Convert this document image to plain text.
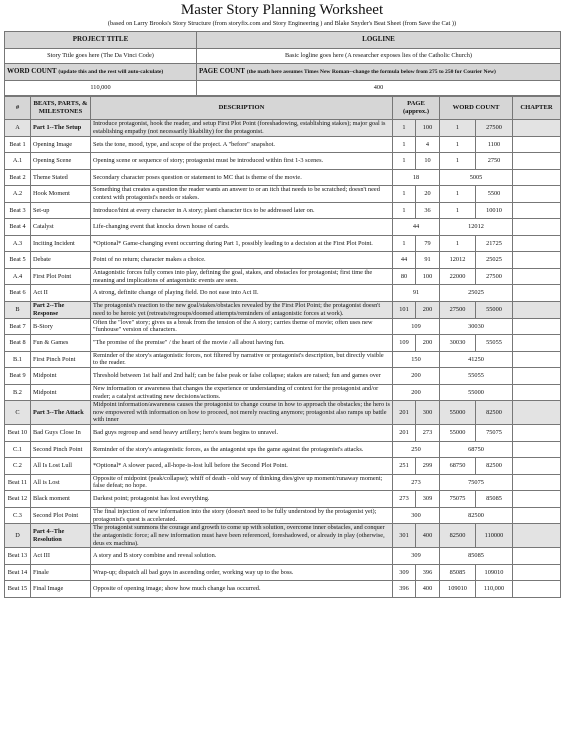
Master Story Planning Worksheet
(based on Larry Brooks's Story Structure (from storyfix.com and Story Engineering ) and Blake Snyder's Beat Sheet (from Save the Cat ))
PROJECT TITLE	LOGLINE
Story Title goes here (The Da Vinci Code)	Basic logline goes here (A researcher exposes lies of the Catholic Church)
WORD COUNT (update this and the rest will auto-calculate)	PAGE COUNT (the math here assumes Times New Roman--change the formula below from 275 to 250 for Courier New)
110,000	400
#	BEATS, PARTS, & MILESTONES	DESCRIPTION	PAGE (approx.)		WORD COUNT		CHAPTER
A	Part 1--The Setup	Introduce protagonist, hook the reader, and setup First Plot Point (foreshadowing, establishing stakes); major goal is establishing empathy (not necessarily likability) for the protagonist.	1	100	1	27500	
Beat 1	Opening Image	Sets the tone, mood, type, and scope of the project. A "before" snapshot.	1	4	1	1100	
A.1	Opening Scene	Opening scene or sequence of story; protagonist must be introduced within first 1-3 scenes.	1	10	1	2750	
Beat 2	Theme Stated	Secondary character poses question or statement to MC that is theme of the movie.	18		5005		
A.2	Hook Moment	Something that creates a question the reader wants an answer to or an itch that needs to be scratched; doesn't need context with protagonist's needs or stakes.	1	20	1	5500	
Beat 3	Set-up	Introduce/hint at every character in A story; plant character tics to be addressed later on.	1	36	1	10010	
Beat 4	Catalyst	Life-changing event that knocks down house of cards.	44		12012		
A.3	Inciting Incident	*Optional* Game-changing event occurring during Part 1, possibly leading to a decision at the First Plot Point.	1	79	1	21725	
Beat 5	Debate	Point of no return; character makes a choice.	44	91	12012	25025	
A.4	First Plot Point	Antagonistic forces fully comes into play, defining the goal, stakes, and obstacles for protagonist; first time the meaning and implications of antagonistic events are seen.	80	100	22000	27500	
Beat 6	Act II	A strong, definite change of playing field. Do not ease into Act II.	91		25025		
B	Part 2--The Response	The protagonist's reaction to the new goal/stakes/obstacles revealed by the First Plot Point; the protagonist doesn't need to be heroic yet (retreats/regroups/doomed attempts/reminders of antagonistic forces at work).	101	200	27500	55000	
Beat 7	B-Story	Often the "love" story; gives us a break from the tension of the A story; carries theme of movie; often uses new "funhouse" version of characters.	109		30030		
Beat 8	Fun & Games	"The promise of the premise" / the heart of the movie / all about having fun.	109	200	30030	55055	
B.1	First Pinch Point	Reminder of the story's antagonistic forces, not filtered by narrative or protagonist's description, but directly visible to the reader.	150		41250		
Beat 9	Midpoint	Threshold between 1st half and 2nd half; can be false peak or false collapse; stakes are raised; fun and games over	200		55055		
B.2	Midpoint	New information or awareness that changes the experience or understanding of context for the protagonist and/or reader; a catalyst activating new decisions/actions.	200		55000		
C	Part 3--The Attack	Midpoint information/awareness causes the protagonist to change course in how to approach the obstacles; the hero is now empowered with information on how to proceed, not merely reacting anymore; protagonist also ramps up battle with inner	201	300	55000	82500	
Beat 10	Bad Guys Close In	Bad guys regroup and send heavy artillery; hero's team begins to unravel.	201	273	55000	75075	
C.1	Second Pinch Point	Reminder of the story's antagonistic forces, as the antagonist ups the game against the protagonist's attacks.	250		68750		
C.2	All Is Lost Lull	*Optional* A slower paced, all-hope-is-lost lull before the Second Plot Point.	251	299	68750	82500	
Beat 11	All is Lost	Opposite of midpoint (peak/collapse); whiff of death - old way of thinking dies/give up moment/runaway moment; false defeat; no hope.	273		75075		
Beat 12	Black moment	Darkest point; protagonist has lost everything.	273	309	75075	85085	
C.3	Second Plot Point	The final injection of new information into the story (doesn't need to be fully understood by the protagonist yet); protagonist's quest is accelerated.	300		82500		
D	Part 4--The Resolution	The protagonist summons the courage and growth to come up with solution, overcome inner obstacles, and conquer the antagonistic force; all new information must have been referenced, foreshadowed, or already in play (otherwise, deus ex machina).	301	400	82500	110000	
Beat 13	Act III	A story and B story combine and reveal solution.	309		85085		
Beat 14	Finale	Wrap-up; dispatch all bad guys in ascending order, working way up to the boss.	309	396	85085	109010	
Beat 15	Final Image	Opposite of opening image; show how much change has occurred.	396	400	109010	110,000	
